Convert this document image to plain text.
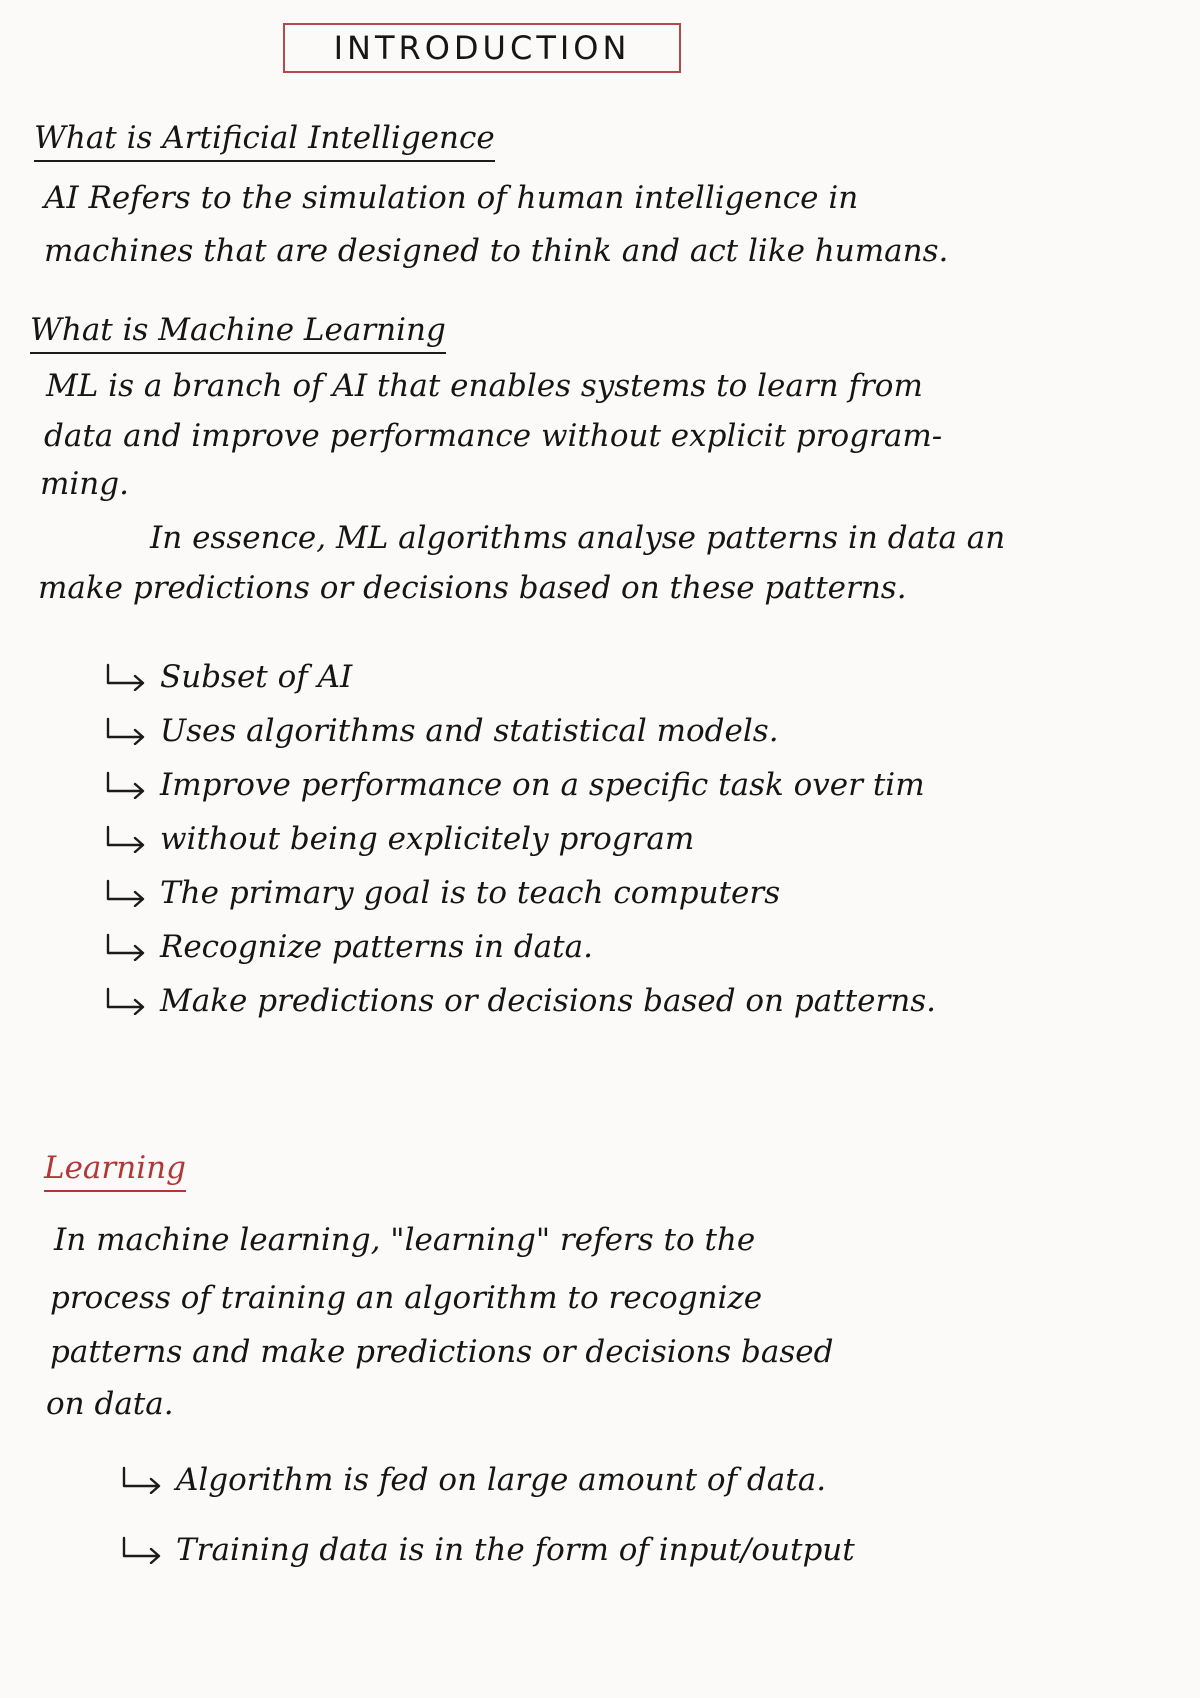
INTRODUCTION
What is Artificial Intelligence
AI Refers to the simulation of human intelligence in
machines that are designed to think and act like humans.
What is Machine Learning
ML is a branch of AI that enables systems to learn from
data and improve performance without explicit program-
ming.
In essence, ML algorithms analyse patterns in data an
make predictions or decisions based on these patterns.
Subset of AI
Uses algorithms and statistical models.
Improve performance on a specific task over tim
without being explicitely program
The primary goal is to teach computers
Recognize patterns in data.
Make predictions or decisions based on patterns.
Learning
In machine learning, "learning" refers to the
process of training an algorithm to recognize
patterns and make predictions or decisions based
on data.
Algorithm is fed on large amount of data.
Training data is in the form of input/output
